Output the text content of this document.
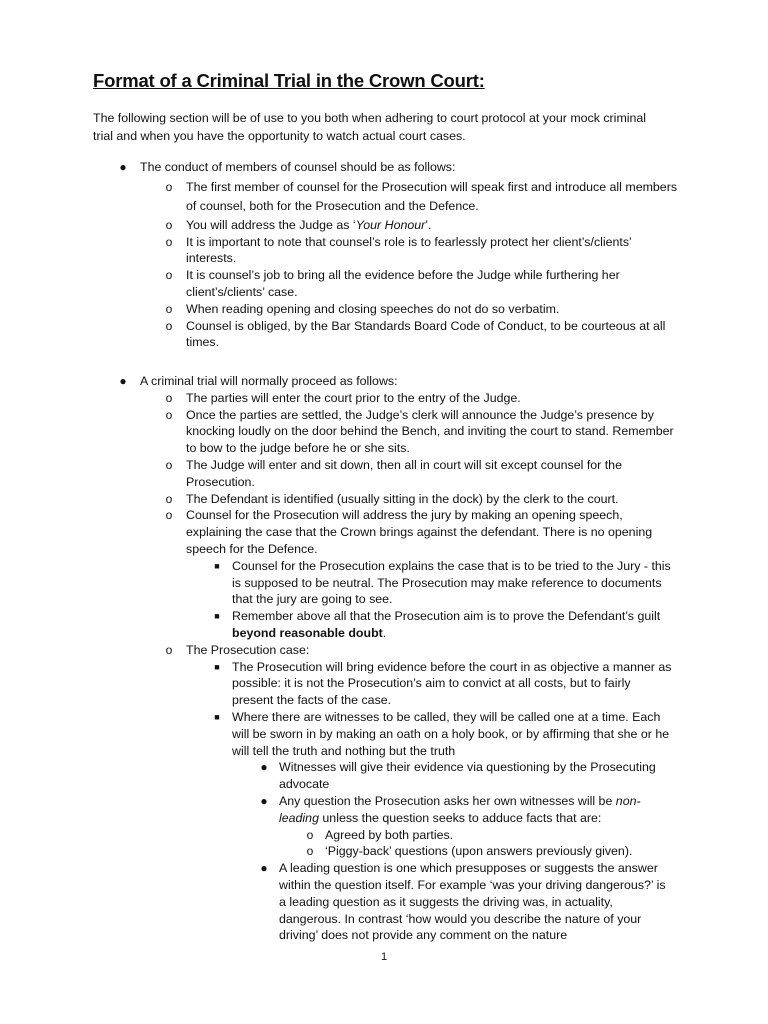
Format of a Criminal Trial in the Crown Court:

The following section will be of use to you both when adhering to court protocol at your mock criminal trial and when you have the opportunity to watch actual court cases.

● The conduct of members of counsel should be as follows:
o The first member of counsel for the Prosecution will speak first and introduce all members of counsel, both for the Prosecution and the Defence.
o You will address the Judge as ‘Your Honour’.
o It is important to note that counsel’s role is to fearlessly protect her client’s/clients’ interests.
o It is counsel’s job to bring all the evidence before the Judge while furthering her client’s/clients’ case.
o When reading opening and closing speeches do not do so verbatim.
o Counsel is obliged, by the Bar Standards Board Code of Conduct, to be courteous at all times.
● A criminal trial will normally proceed as follows:
o The parties will enter the court prior to the entry of the Judge.
o Once the parties are settled, the Judge’s clerk will announce the Judge’s presence by knocking loudly on the door behind the Bench, and inviting the court to stand. Remember to bow to the judge before he or she sits.
o The Judge will enter and sit down, then all in court will sit except counsel for the Prosecution.
o The Defendant is identified (usually sitting in the dock) by the clerk to the court.
o Counsel for the Prosecution will address the jury by making an opening speech, explaining the case that the Crown brings against the defendant. There is no opening speech for the Defence.
■ Counsel for the Prosecution explains the case that is to be tried to the Jury - this is supposed to be neutral. The Prosecution may make reference to documents that the jury are going to see.
■ Remember above all that the Prosecution aim is to prove the Defendant’s guilt beyond reasonable doubt.
o The Prosecution case:
■ The Prosecution will bring evidence before the court in as objective a manner as possible: it is not the Prosecution’s aim to convict at all costs, but to fairly present the facts of the case.
■ Where there are witnesses to be called, they will be called one at a time. Each will be sworn in by making an oath on a holy book, or by affirming that she or he will tell the truth and nothing but the truth
● Witnesses will give their evidence via questioning by the Prosecuting advocate
● Any question the Prosecution asks her own witnesses will be non-leading unless the question seeks to adduce facts that are:
o Agreed by both parties.
o ‘Piggy-back’ questions (upon answers previously given).
● A leading question is one which presupposes or suggests the answer within the question itself. For example ‘was your driving dangerous?’ is a leading question as it suggests the driving was, in actuality, dangerous. In contrast ‘how would you describe the nature of your driving’ does not provide any comment on the nature
1
